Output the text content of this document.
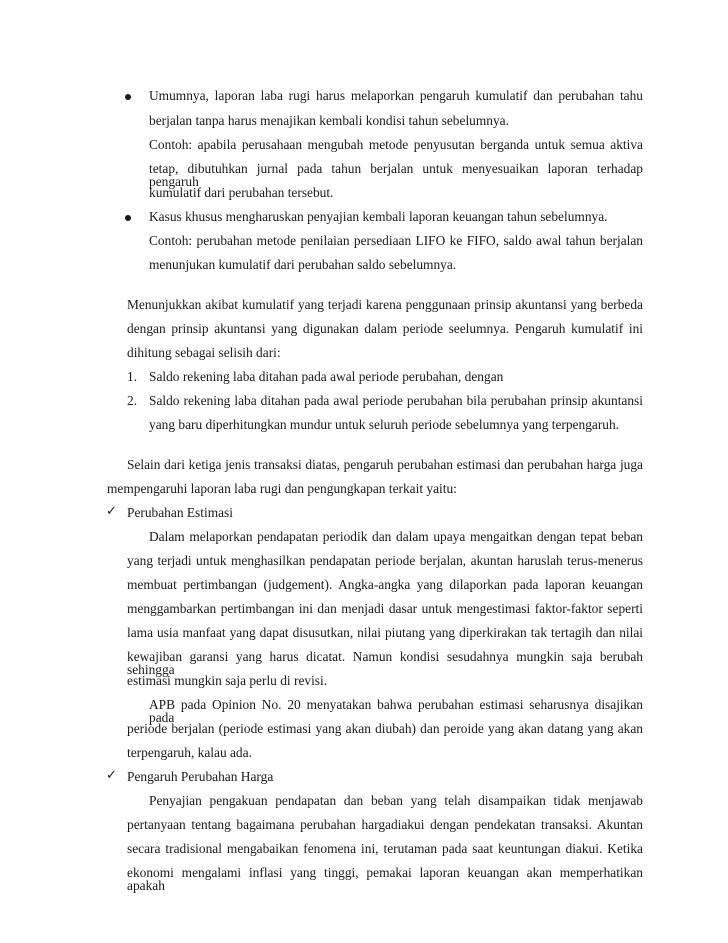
Umumnya, laporan laba rugi harus melaporkan pengaruh kumulatif dan perubahan tahu
berjalan tanpa harus menajikan kembali kondisi tahun sebelumnya.
Contoh: apabila perusahaan mengubah metode penyusutan berganda untuk semua aktiva
tetap, dibutuhkan jurnal pada tahun berjalan untuk menyesuaikan laporan terhadap pengaruh
kumulatif dari perubahan tersebut.
Kasus khusus mengharuskan penyajian kembali laporan keuangan tahun sebelumnya.
Contoh: perubahan metode penilaian persediaan LIFO ke FIFO, saldo awal tahun berjalan
menunjukan kumulatif dari perubahan saldo sebelumnya.
Menunjukkan akibat kumulatif yang terjadi karena penggunaan prinsip akuntansi yang berbeda
dengan prinsip akuntansi yang digunakan dalam periode seelumnya. Pengaruh kumulatif ini
dihitung sebagai selisih dari:
1. Saldo rekening laba ditahan pada awal periode perubahan, dengan
2. Saldo rekening laba ditahan pada awal periode perubahan bila perubahan prinsip akuntansi
yang baru diperhitungkan mundur untuk seluruh periode sebelumnya yang terpengaruh.
Selain dari ketiga jenis transaksi diatas, pengaruh perubahan estimasi dan perubahan harga juga
mempengaruhi laporan laba rugi dan pengungkapan terkait yaitu:
✓ Perubahan Estimasi
Dalam melaporkan pendapatan periodik dan dalam upaya mengaitkan dengan tepat beban
yang terjadi untuk menghasilkan pendapatan periode berjalan, akuntan haruslah terus-menerus
membuat pertimbangan (judgement). Angka-angka yang dilaporkan pada laporan keuangan
menggambarkan pertimbangan ini dan menjadi dasar untuk mengestimasi faktor-faktor seperti
lama usia manfaat yang dapat disusutkan, nilai piutang yang diperkirakan tak tertagih dan nilai
kewajiban garansi yang harus dicatat. Namun kondisi sesudahnya mungkin saja berubah sehingga
estimasi mungkin saja perlu di revisi.
APB pada Opinion No. 20 menyatakan bahwa perubahan estimasi seharusnya disajikan pada
periode berjalan (periode estimasi yang akan diubah) dan peroide yang akan datang yang akan
terpengaruh, kalau ada.
✓ Pengaruh Perubahan Harga
Penyajian pengakuan pendapatan dan beban yang telah disampaikan tidak menjawab
pertanyaan tentang bagaimana perubahan hargadiakui dengan pendekatan transaksi. Akuntan
secara tradisional mengabaikan fenomena ini, terutaman pada saat keuntungan diakui. Ketika
ekonomi mengalami inflasi yang tinggi, pemakai laporan keuangan akan memperhatikan apakah
